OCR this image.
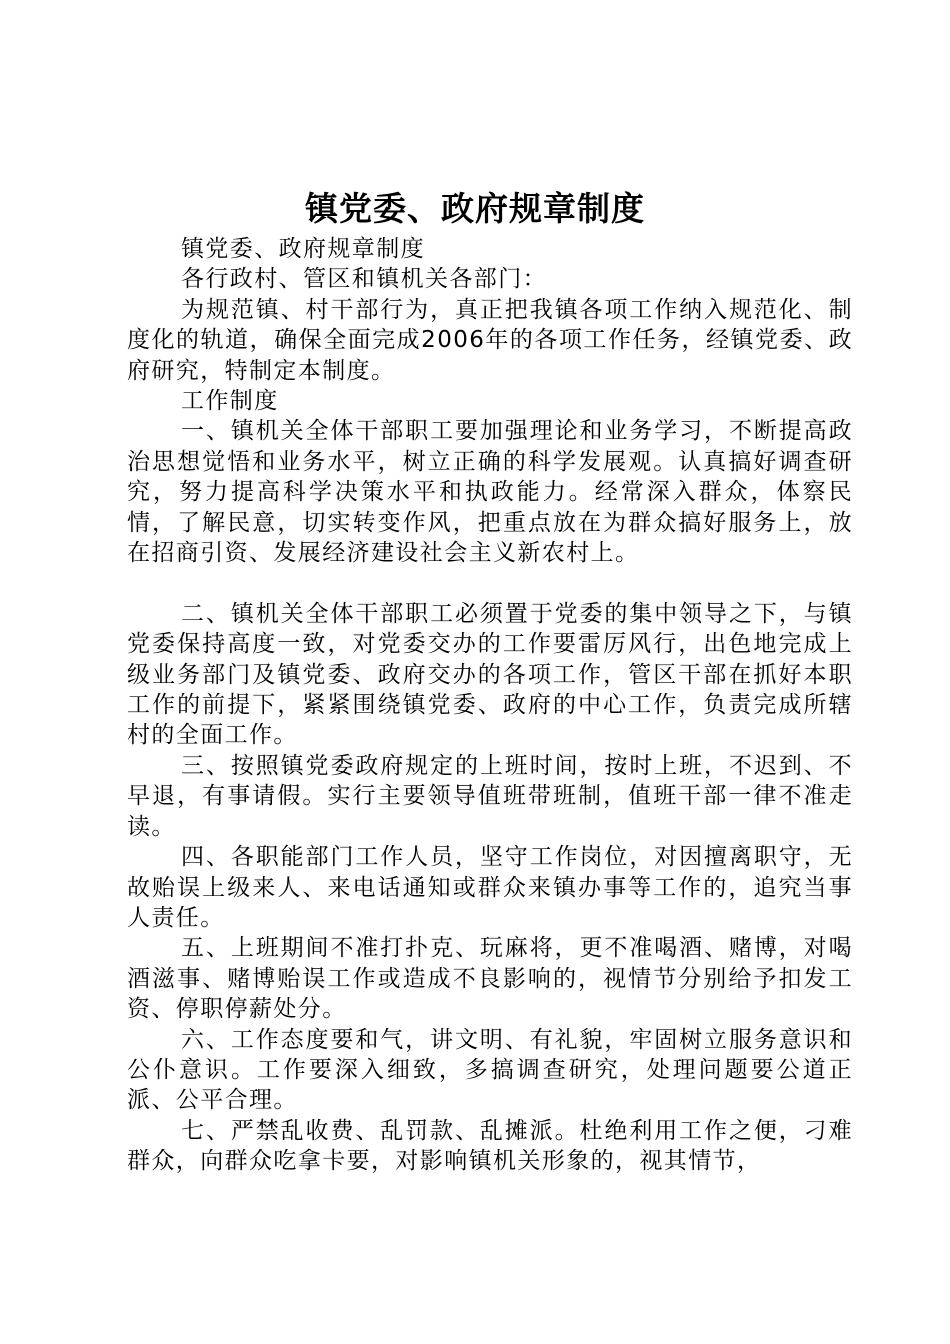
镇党委、政府规章制度

镇党委、政府规章制度

各行政村、管区和镇机关各部门：

为规范镇、村干部行为，真正把我镇各项工作纳入规范化、制度化的轨道，确保全面完成2006年的各项工作任务，经镇党委、政府研究，特制定本制度。

工作制度

一、镇机关全体干部职工要加强理论和业务学习，不断提高政治思想觉悟和业务水平，树立正确的科学发展观。认真搞好调查研究，努力提高科学决策水平和执政能力。经常深入群众，体察民情，了解民意，切实转变作风，把重点放在为群众搞好服务上，放在招商引资、发展经济建设社会主义新农村上。

二、镇机关全体干部职工必须置于党委的集中领导之下，与镇党委保持高度一致，对党委交办的工作要雷厉风行，出色地完成上级业务部门及镇党委、政府交办的各项工作，管区干部在抓好本职工作的前提下，紧紧围绕镇党委、政府的中心工作，负责完成所辖村的全面工作。

三、按照镇党委政府规定的上班时间，按时上班，不迟到、不早退，有事请假。实行主要领导值班带班制，值班干部一律不准走读。

四、各职能部门工作人员，坚守工作岗位，对因擅离职守，无故贻误上级来人、来电话通知或群众来镇办事等工作的，追究当事人责任。

五、上班期间不准打扑克、玩麻将，更不准喝酒、赌博，对喝酒滋事、赌博贻误工作或造成不良影响的，视情节分别给予扣发工资、停职停薪处分。

六、工作态度要和气，讲文明、有礼貌，牢固树立服务意识和公仆意识。工作要深入细致，多搞调查研究，处理问题要公道正派、公平合理。

七、严禁乱收费、乱罚款、乱摊派。杜绝利用工作之便，刁难群众，向群众吃拿卡要，对影响镇机关形象的，视其情节，
